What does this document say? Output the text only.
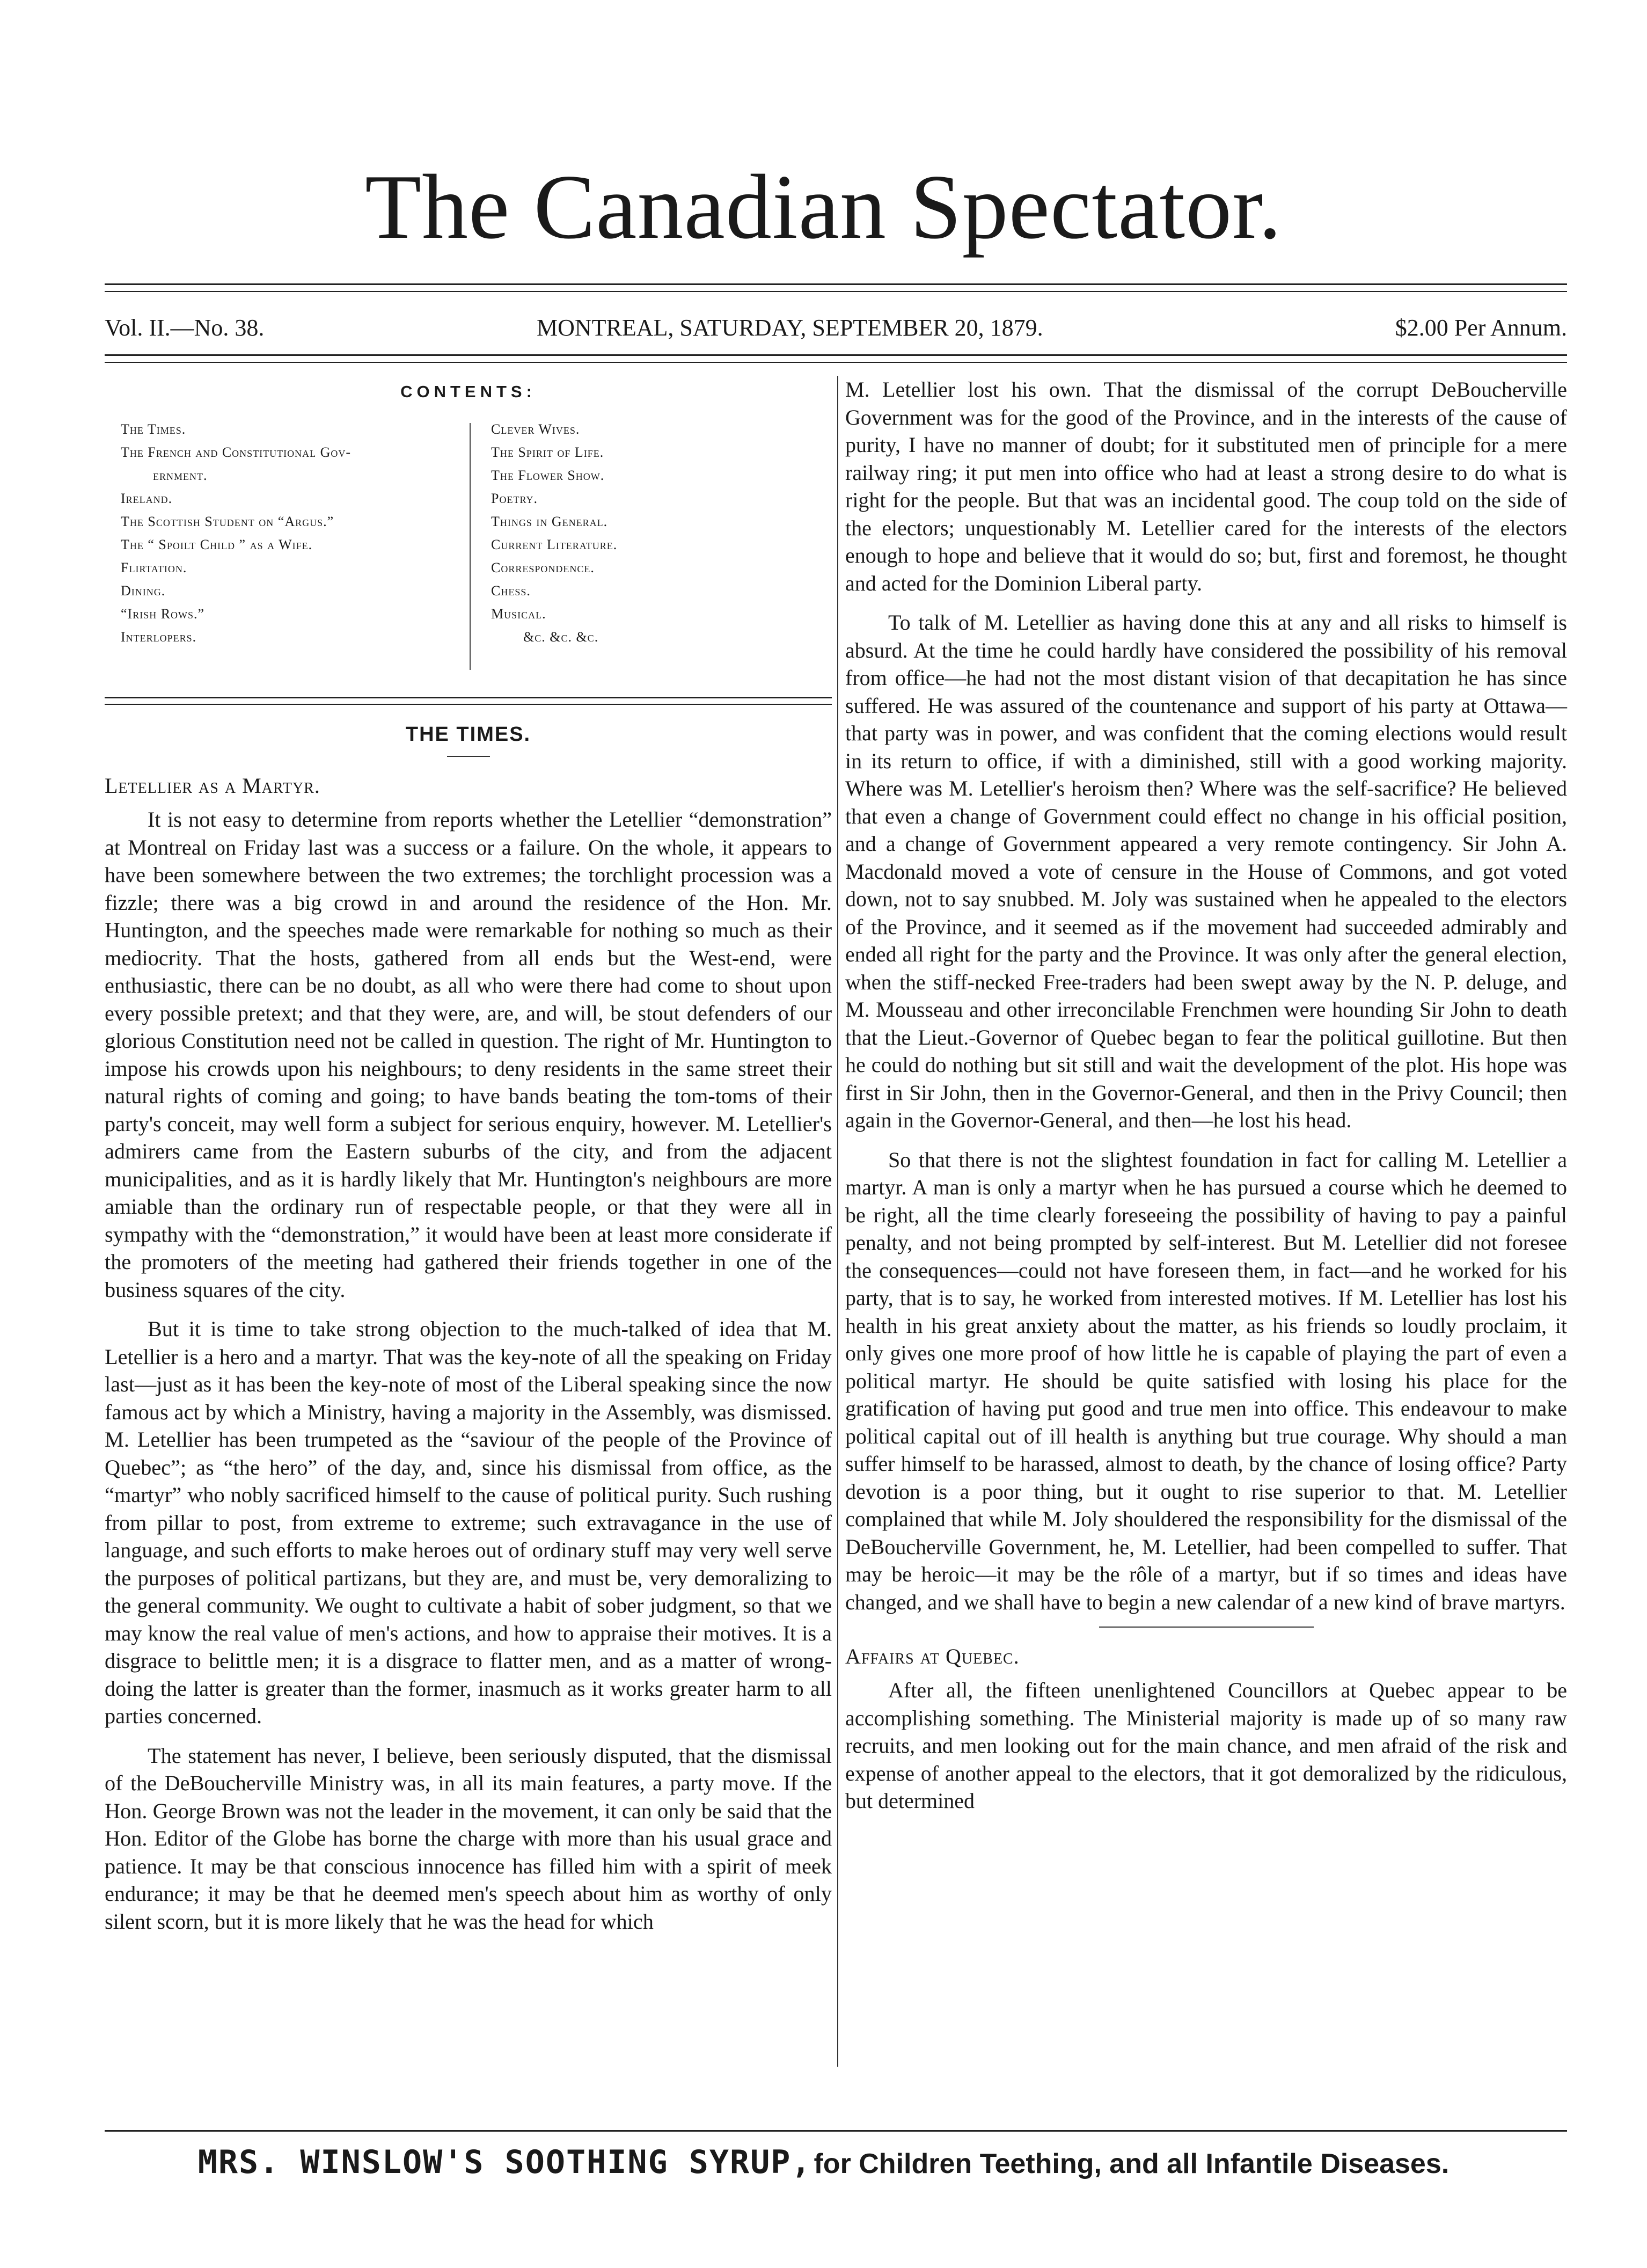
The Canadian Spectator.
Vol. II.—No. 38.	MONTREAL, SATURDAY, SEPTEMBER 20, 1879.	$2.00 Per Annum.
CONTENTS:
The Times.
The French and Constitutional Gov-
ernment.
Ireland.
The Scottish Student on “Argus.”
The “ Spoilt Child ” as a Wife.
Flirtation.
Dining.
“Irish Rows.”
Interlopers.
Clever Wives.
The Spirit of Life.
The Flower Show.
Poetry.
Things in General.
Current Literature.
Correspondence.
Chess.
Musical.
&c. &c. &c.
THE TIMES.
Letellier as a Martyr.

It is not easy to determine from reports whether the Letellier “demonstration” at Montreal on Friday last was a success or a failure. On the whole, it appears to have been somewhere between the two extremes; the torchlight procession was a fizzle; there was a big crowd in and around the residence of the Hon. Mr. Huntington, and the speeches made were remarkable for nothing so much as their mediocrity. That the hosts, gathered from all ends but the West-end, were enthusiastic, there can be no doubt, as all who were there had come to shout upon every possible pretext; and that they were, are, and will, be stout defenders of our glorious Constitution need not be called in question. The right of Mr. Huntington to impose his crowds upon his neighbours; to deny residents in the same street their natural rights of coming and going; to have bands beating the tom-toms of their party's conceit, may well form a subject for serious enquiry, however. M. Letellier's admirers came from the Eastern suburbs of the city, and from the adjacent municipalities, and as it is hardly likely that Mr. Huntington's neighbours are more amiable than the ordinary run of respectable people, or that they were all in sympathy with the “demonstration,” it would have been at least more considerate if the promoters of the meeting had gathered their friends together in one of the business squares of the city.

But it is time to take strong objection to the much-talked of idea that M. Letellier is a hero and a martyr. That was the key-note of all the speaking on Friday last—just as it has been the key-note of most of the Liberal speaking since the now famous act by which a Ministry, having a majority in the Assembly, was dismissed. M. Letellier has been trumpeted as the “saviour of the people of the Province of Quebec”; as “the hero” of the day, and, since his dismissal from office, as the “martyr” who nobly sacrificed himself to the cause of political purity. Such rushing from pillar to post, from extreme to extreme; such extravagance in the use of language, and such efforts to make heroes out of ordinary stuff may very well serve the purposes of political partizans, but they are, and must be, very demoralizing to the general community. We ought to cultivate a habit of sober judgment, so that we may know the real value of men's actions, and how to appraise their motives. It is a disgrace to belittle men; it is a disgrace to flatter men, and as a matter of wrong-doing the latter is greater than the former, inasmuch as it works greater harm to all parties concerned.

The statement has never, I believe, been seriously disputed, that the dismissal of the DeBoucherville Ministry was, in all its main features, a party move. If the Hon. George Brown was not the leader in the movement, it can only be said that the Hon. Editor of the Globe has borne the charge with more than his usual grace and patience. It may be that conscious innocence has filled him with a spirit of meek endurance; it may be that he deemed men's speech about him as worthy of only silent scorn, but it is more likely that he was the head for which

M. Letellier lost his own. That the dismissal of the corrupt DeBoucherville Government was for the good of the Province, and in the interests of the cause of purity, I have no manner of doubt; for it substituted men of principle for a mere railway ring; it put men into office who had at least a strong desire to do what is right for the people. But that was an incidental good. The coup told on the side of the electors; unquestionably M. Letellier cared for the interests of the electors enough to hope and believe that it would do so; but, first and foremost, he thought and acted for the Dominion Liberal party.

To talk of M. Letellier as having done this at any and all risks to himself is absurd. At the time he could hardly have considered the possibility of his removal from office—he had not the most distant vision of that decapitation he has since suffered. He was assured of the countenance and support of his party at Ottawa—that party was in power, and was confident that the coming elections would result in its return to office, if with a diminished, still with a good working majority. Where was M. Letellier's heroism then? Where was the self-sacrifice? He believed that even a change of Government could effect no change in his official position, and a change of Government appeared a very remote contingency. Sir John A. Macdonald moved a vote of censure in the House of Commons, and got voted down, not to say snubbed. M. Joly was sustained when he appealed to the electors of the Province, and it seemed as if the movement had succeeded admirably and ended all right for the party and the Province. It was only after the general election, when the stiff-necked Free-traders had been swept away by the N. P. deluge, and M. Mousseau and other irreconcilable Frenchmen were hounding Sir John to death that the Lieut.-Governor of Quebec began to fear the political guillotine. But then he could do nothing but sit still and wait the development of the plot. His hope was first in Sir John, then in the Governor-General, and then in the Privy Council; then again in the Governor-General, and then—he lost his head.

So that there is not the slightest foundation in fact for calling M. Letellier a martyr. A man is only a martyr when he has pursued a course which he deemed to be right, all the time clearly foreseeing the possibility of having to pay a painful penalty, and not being prompted by self-interest. But M. Letellier did not foresee the consequences—could not have foreseen them, in fact—and he worked for his party, that is to say, he worked from interested motives. If M. Letellier has lost his health in his great anxiety about the matter, as his friends so loudly proclaim, it only gives one more proof of how little he is capable of playing the part of even a political martyr. He should be quite satisfied with losing his place for the gratification of having put good and true men into office. This endeavour to make political capital out of ill health is anything but true courage. Why should a man suffer himself to be harassed, almost to death, by the chance of losing office? Party devotion is a poor thing, but it ought to rise superior to that. M. Letellier complained that while M. Joly shouldered the responsibility for the dismissal of the DeBoucherville Government, he, M. Letellier, had been compelled to suffer. That may be heroic—it may be the rôle of a martyr, but if so times and ideas have changed, and we shall have to begin a new calendar of a new kind of brave martyrs.

Affairs at Quebec.

After all, the fifteen unenlightened Councillors at Quebec appear to be accomplishing something. The Ministerial majority is made up of so many raw recruits, and men looking out for the main chance, and men afraid of the risk and expense of another appeal to the electors, that it got demoralized by the ridiculous, but determined

MRS. WINSLOW'S SOOTHING SYRUP, for Children Teething, and all Infantile Diseases.
